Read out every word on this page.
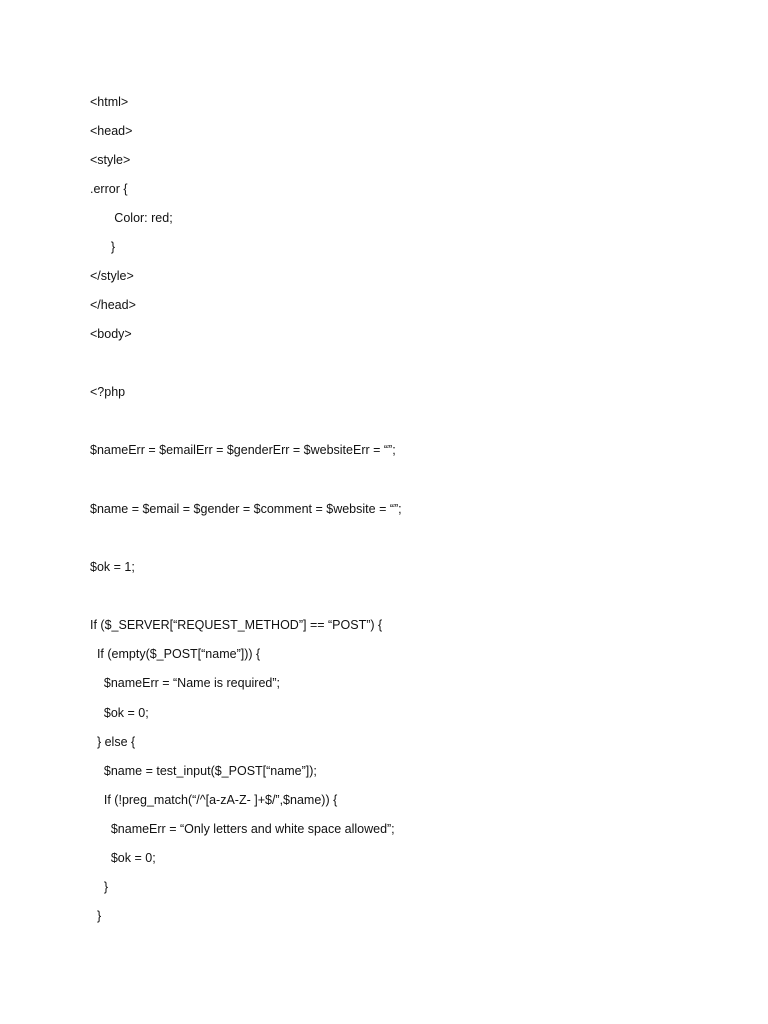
<html>
<head>
<style>
.error {
Color: red;
}
</style>
</head>
<body>
<?php
$nameErr = $emailErr = $genderErr = $websiteErr = “”;
$name = $email = $gender = $comment = $website = “”;
$ok = 1;
If ($_SERVER[“REQUEST_METHOD”] == “POST”) {
If (empty($_POST[“name”])) {
$nameErr = “Name is required”;
$ok = 0;
} else {
$name = test_input($_POST[“name”]);
If (!preg_match(“/^[a-zA-Z- ]+$/”,$name)) {
$nameErr = “Only letters and white space allowed”;
$ok = 0;
}
}
